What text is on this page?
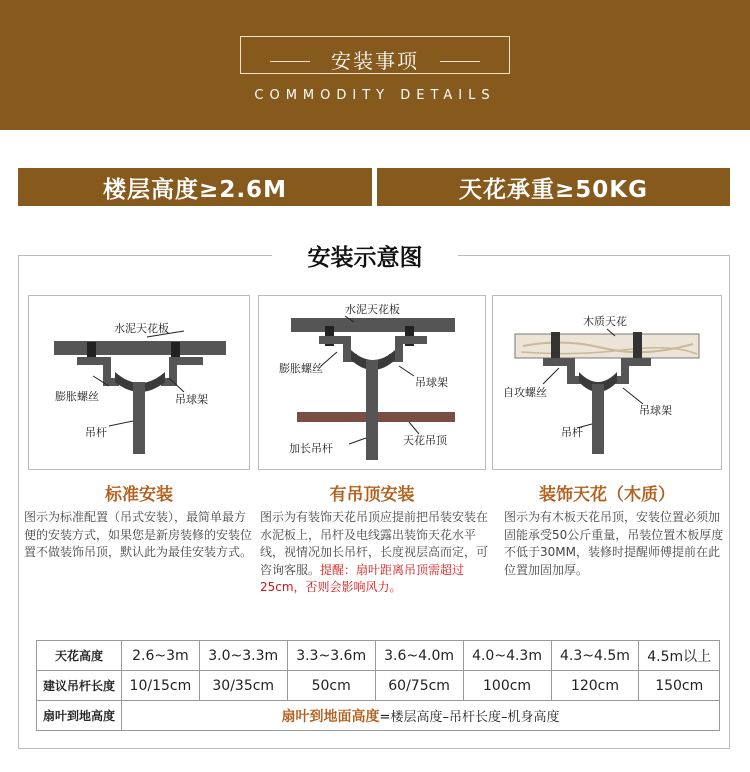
安装事项
COMMODITY DETAILS
楼层高度≥2.6M	天花承重≥50KG
安装示意图
水泥天花板
膨胀螺丝	吊球架
吊杆
水泥天花板
膨胀螺丝
吊球架
天花吊顶
加长吊杆
木质天花
自攻螺丝
吊球架
吊杆
标准安装	有吊顶安装	装饰天花（木质）
图示为标准配置（吊式安装），最简单最方便的安装方式，如果您是新房装修的安装位置不做装饰吊顶，默认此为最佳安装方式。
图示为有装饰天花吊顶应提前把吊装安装在水泥板上，吊杆及电线露出装饰天花水平线，视情况加长吊杆，长度视层高而定，可咨询客服。提醒：扇叶距离吊顶需超过25cm，否则会影响风力。
图示为有木板天花吊顶，安装位置必须加固能承受50公斤重量，吊装位置木板厚度不低于30MM，装修时提醒师傅提前在此位置加固加厚。
天花高度	2.6~3m	3.0~3.3m	3.3~3.6m	3.6~4.0m	4.0~4.3m	4.3~4.5m	4.5m以上
建议吊杆长度	10/15cm	30/35cm	50cm	60/75cm	100cm	120cm	150cm
扇叶到地高度	扇叶到地面高度=楼层高度–吊杆长度–机身高度						
